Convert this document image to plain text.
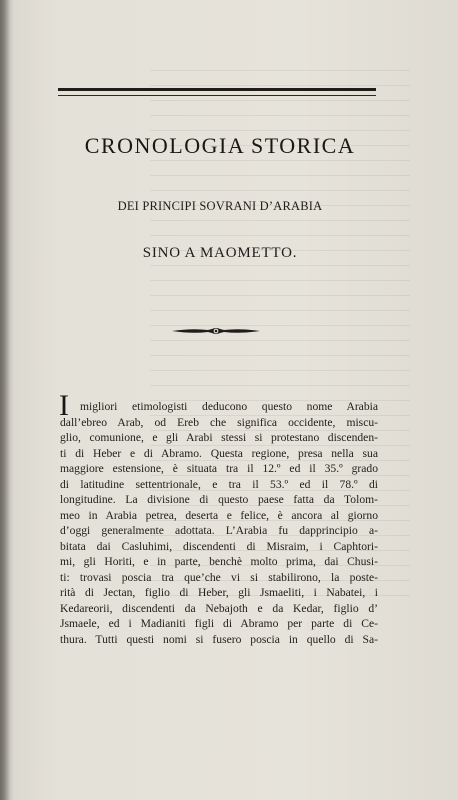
CRONOLOGIA STORICA
DEI PRINCIPI SOVRANI D’ARABIA
SINO A MAOMETTO.
I migliori etimologisti deducono questo nome Arabia
dall’ebreo Arab, od Ereb che significa occidente, miscu-
glio, comunione, e gli Arabi stessi si protestano discenden-
ti di Heber e di Abramo. Questa regione, presa nella sua
maggiore estensione, è situata tra il 12.º ed il 35.º grado
di latitudine settentrionale, e tra il 53.º ed il 78.º di
longitudine. La divisione di questo paese fatta da Tolom-
meo in Arabia petrea, deserta e felice, è ancora al giorno
d’oggi generalmente adottata. L’Arabia fu dapprincipio a-
bitata dai Casluhimi, discendenti di Misraim, i Caphtori-
mi, gli Horiti, e in parte, benchè molto prima, dai Chusi-
ti: trovasi poscia tra que’che vi si stabilirono, la poste-
rità di Jectan, figlio di Heber, gli Jsmaeliti, i Nabatei, i
Kedareorii, discendenti da Nebajoth e da Kedar, figlio d’
Jsmaele, ed i Madianiti figli di Abramo per parte di Ce-
thura. Tutti questi nomi si fusero poscia in quello di Sa-
